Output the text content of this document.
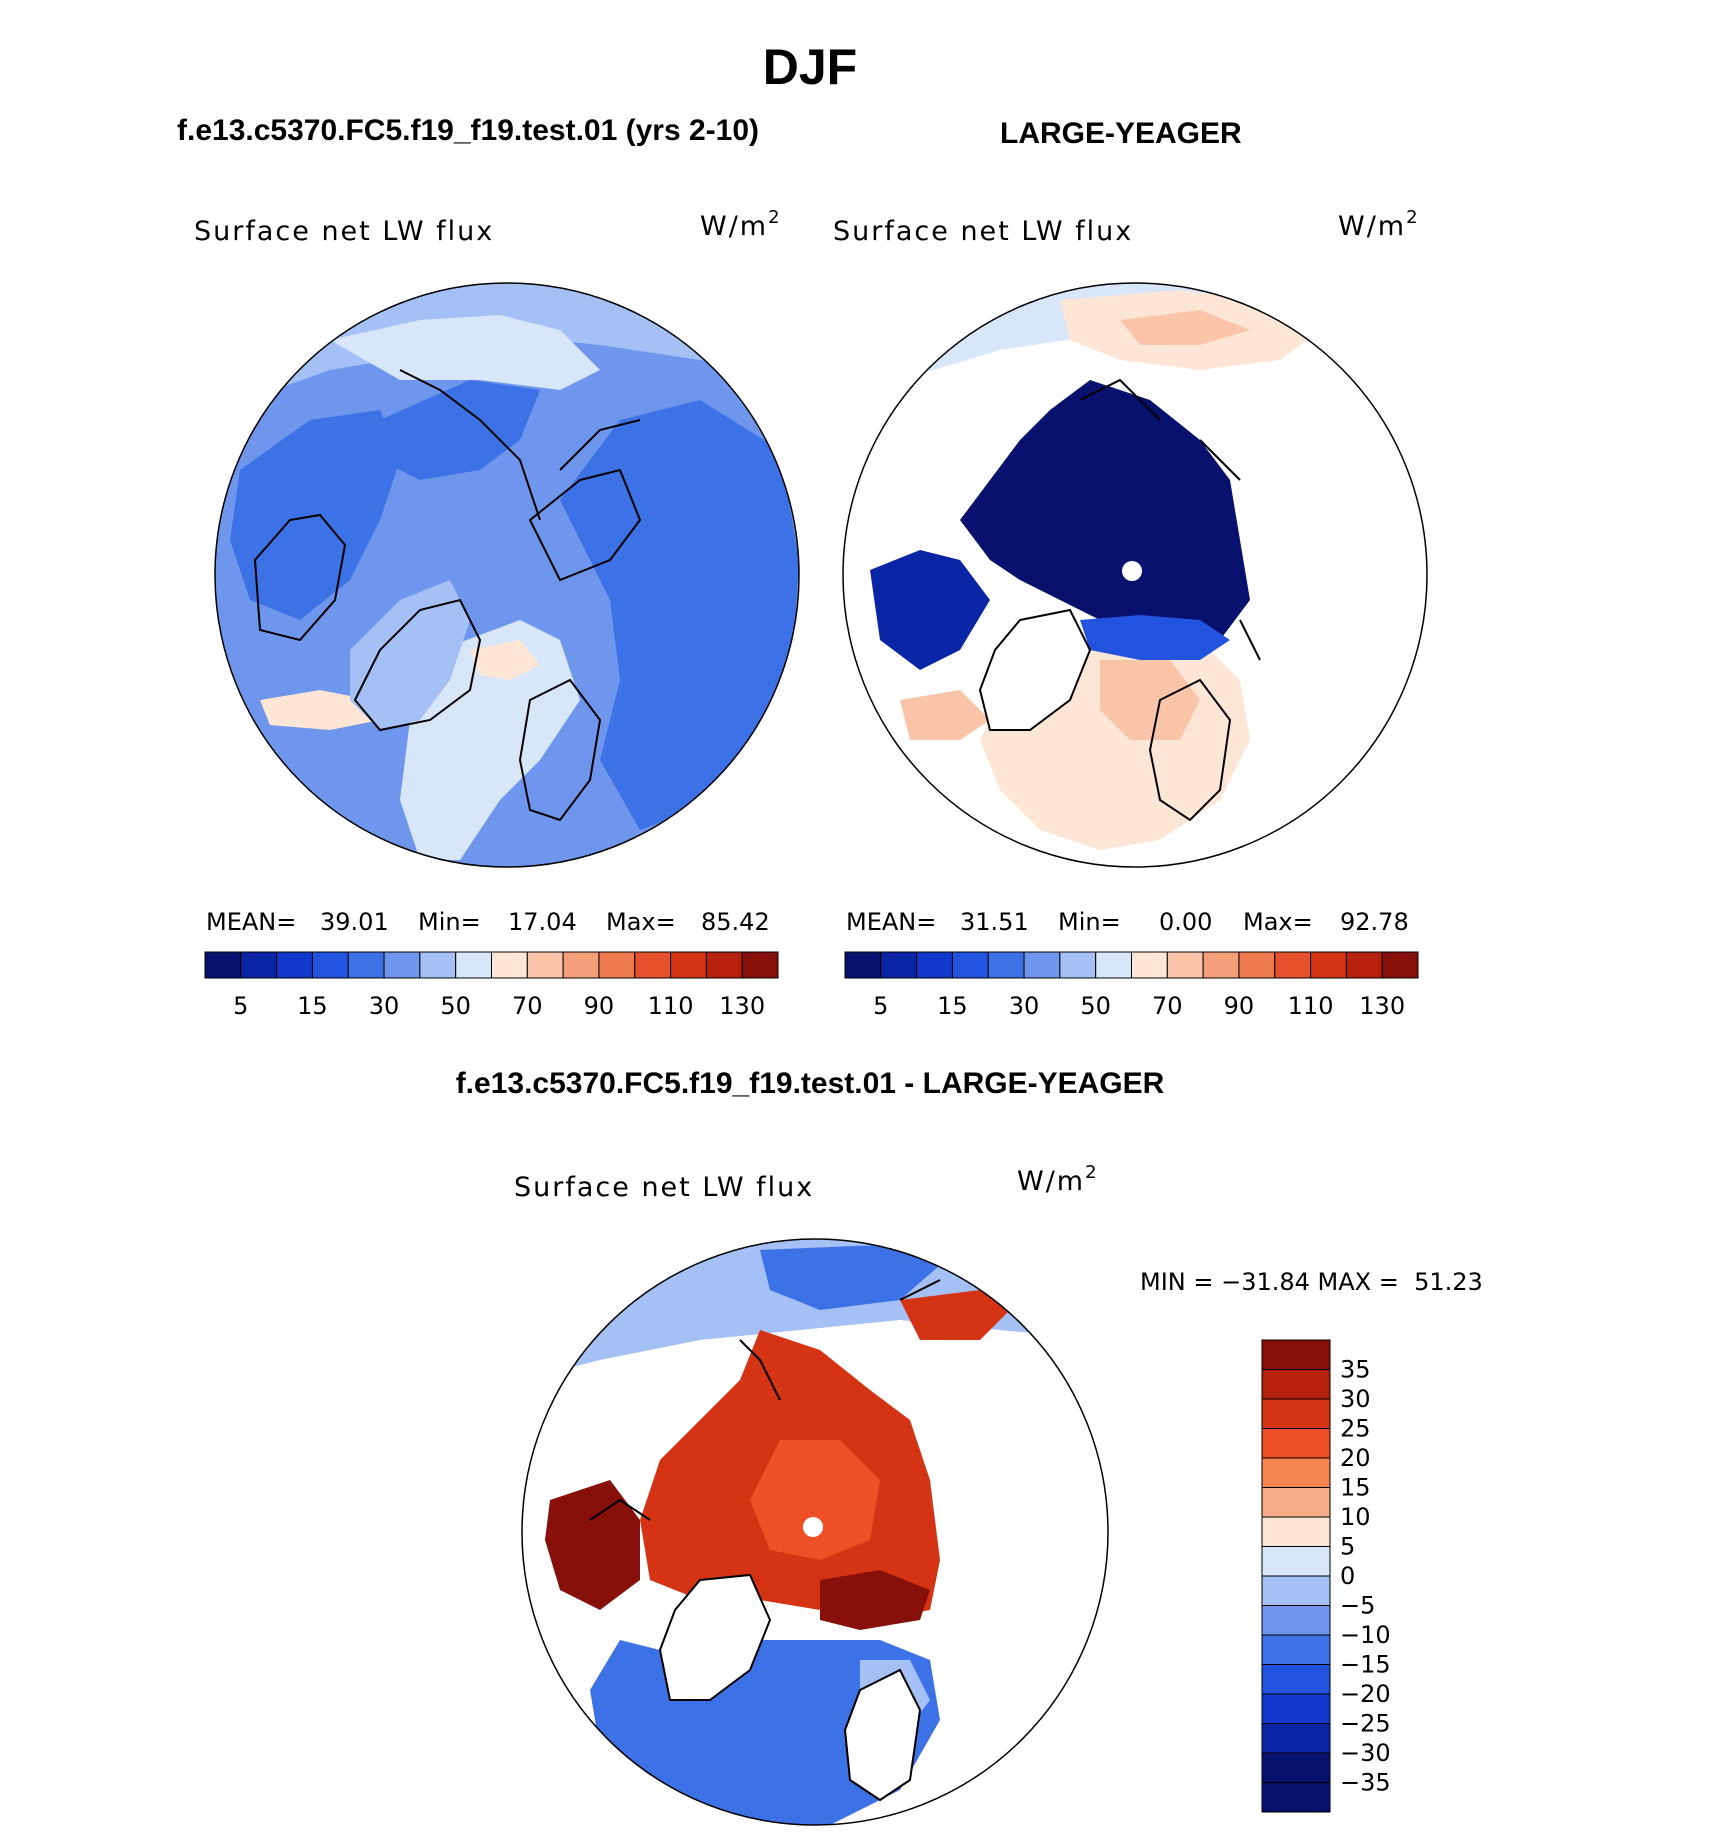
DJF
f.e13.c5370.FC5.f19_f19.test.01 (yrs 2-10)
Surface net LW flux	$W/m^2$
MEAN= 39.01 Min= 17.04 Max= 85.42
5 15 30 50 70 90 110 130
LARGE-YEAGER
Surface net LW flux	$W/m^2$
MEAN= 31.51 Min= 0.00 Max= 92.78
5 15 30 50 70 90 110 130
f.e13.c5370.FC5.f19_f19.test.01 - LARGE-YEAGER
Surface net LW flux	$W/m^2$
MIN = −31.84 MAX =  51.23
35
30
25
20
15
10
5
0
−5
−10
−15
−20
−25
−30
−35
